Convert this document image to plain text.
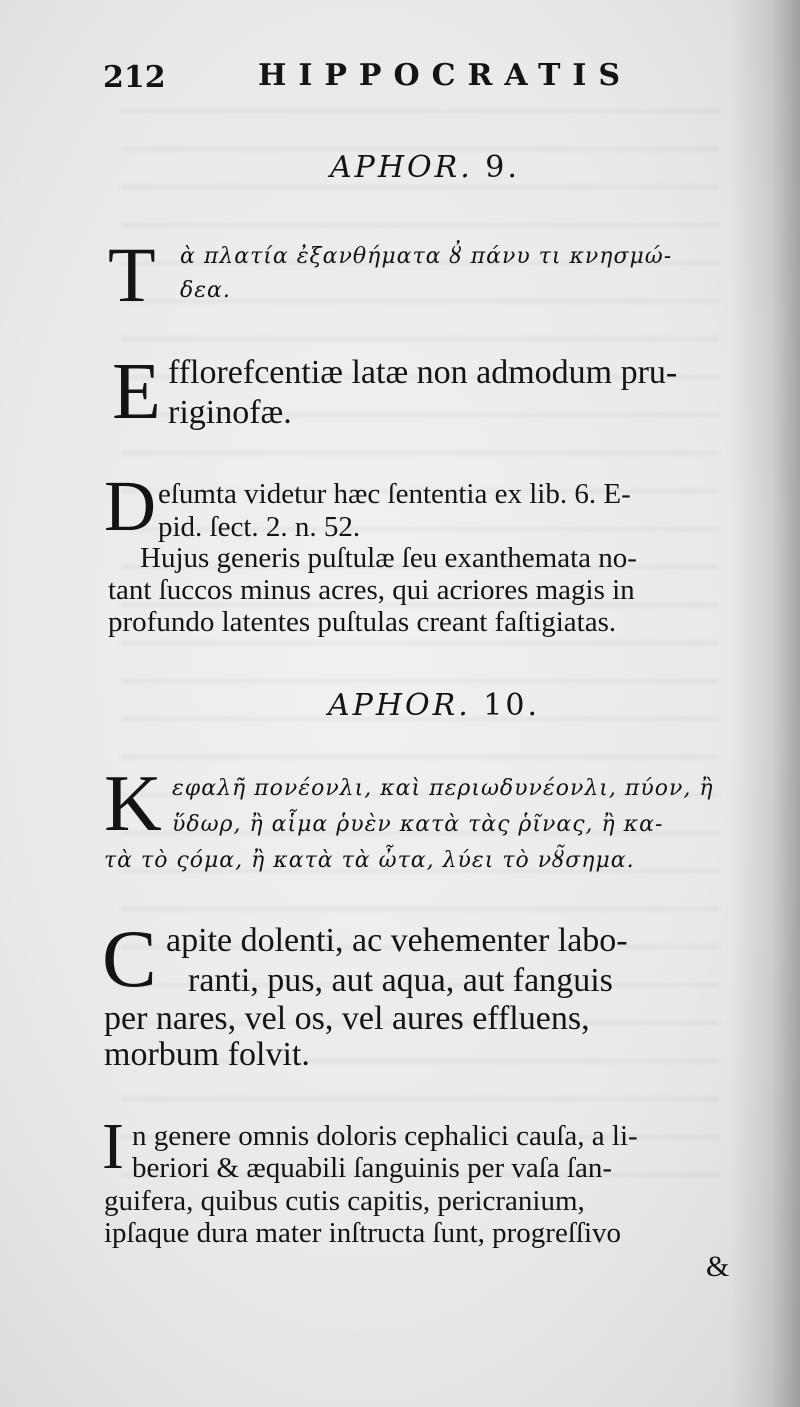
212	HIPPOCRATIS
APHOR. 9.
T ὰ πλατία ἐξανθήματα ȣ̓ πάνυ τι κνησμώ-
δεα.
E fflorefcentiæ latæ non admodum pru-
riginofæ.
D eſumta videtur hæc ſententia ex lib. 6. E-
pid. ſect. 2. n. 52.
Hujus generis puſtulæ ſeu exanthemata no-
tant ſuccos minus acres, qui acriores magis in
profundo latentes puſtulas creant faſtigiatas.
APHOR. 10.
K εφαλῆ̃ πονέονλι, καὶ περιωδυνέονλι, πύον, ἢ
ὕδωρ, ἢ αἷμα ῥυὲν κατὰ τὰς ῥῖνας, ἢ κα-
τὰ τὸ ςόμα, ἢ κατὰ τὰ ὦτα, λύει τὸ νȣ̃σημα.
C apite dolenti, ac vehementer labo-
ranti, pus, aut aqua, aut fanguis
per nares, vel os, vel aures effluens,
morbum folvit.
I n genere omnis doloris cephalici cauſa, a li-
beriori & æquabili ſanguinis per vaſa ſan-
guifera, quibus cutis capitis, pericranium,
ipſaque dura mater inſtructa ſunt, progreſſivo
&
